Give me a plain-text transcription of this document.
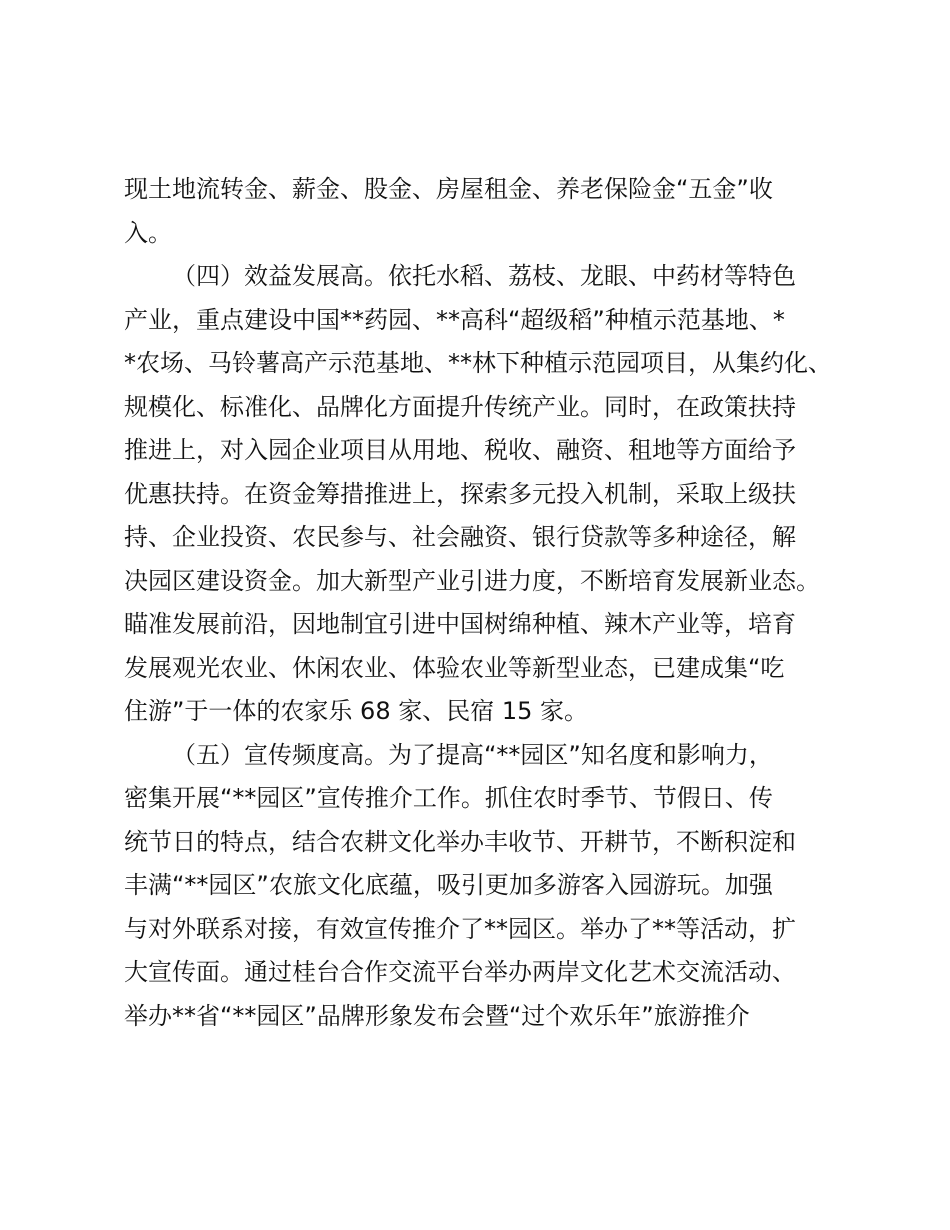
现土地流转金、薪金、股金、房屋租金、养老保险金“五金”收
入。
（四）效益发展高。依托水稻、荔枝、龙眼、中药材等特色
产业，重点建设中国**药园、**高科“超级稻”种植示范基地、*
*农场、马铃薯高产示范基地、**林下种植示范园项目，从集约化、
规模化、标准化、品牌化方面提升传统产业。同时，在政策扶持
推进上，对入园企业项目从用地、税收、融资、租地等方面给予
优惠扶持。在资金筹措推进上，探索多元投入机制，采取上级扶
持、企业投资、农民参与、社会融资、银行贷款等多种途径，解
决园区建设资金。加大新型产业引进力度，不断培育发展新业态。
瞄准发展前沿，因地制宜引进中国树绵种植、辣木产业等，培育
发展观光农业、休闲农业、体验农业等新型业态，已建成集“吃
住游”于一体的农家乐 68 家、民宿 15 家。
（五）宣传频度高。为了提高“**园区”知名度和影响力，
密集开展“**园区”宣传推介工作。抓住农时季节、节假日、传
统节日的特点，结合农耕文化举办丰收节、开耕节，不断积淀和
丰满“**园区”农旅文化底蕴，吸引更加多游客入园游玩。加强
与对外联系对接，有效宣传推介了**园区。举办了**等活动，扩
大宣传面。通过桂台合作交流平台举办两岸文化艺术交流活动、
举办**省“**园区”品牌形象发布会暨“过个欢乐年”旅游推介
